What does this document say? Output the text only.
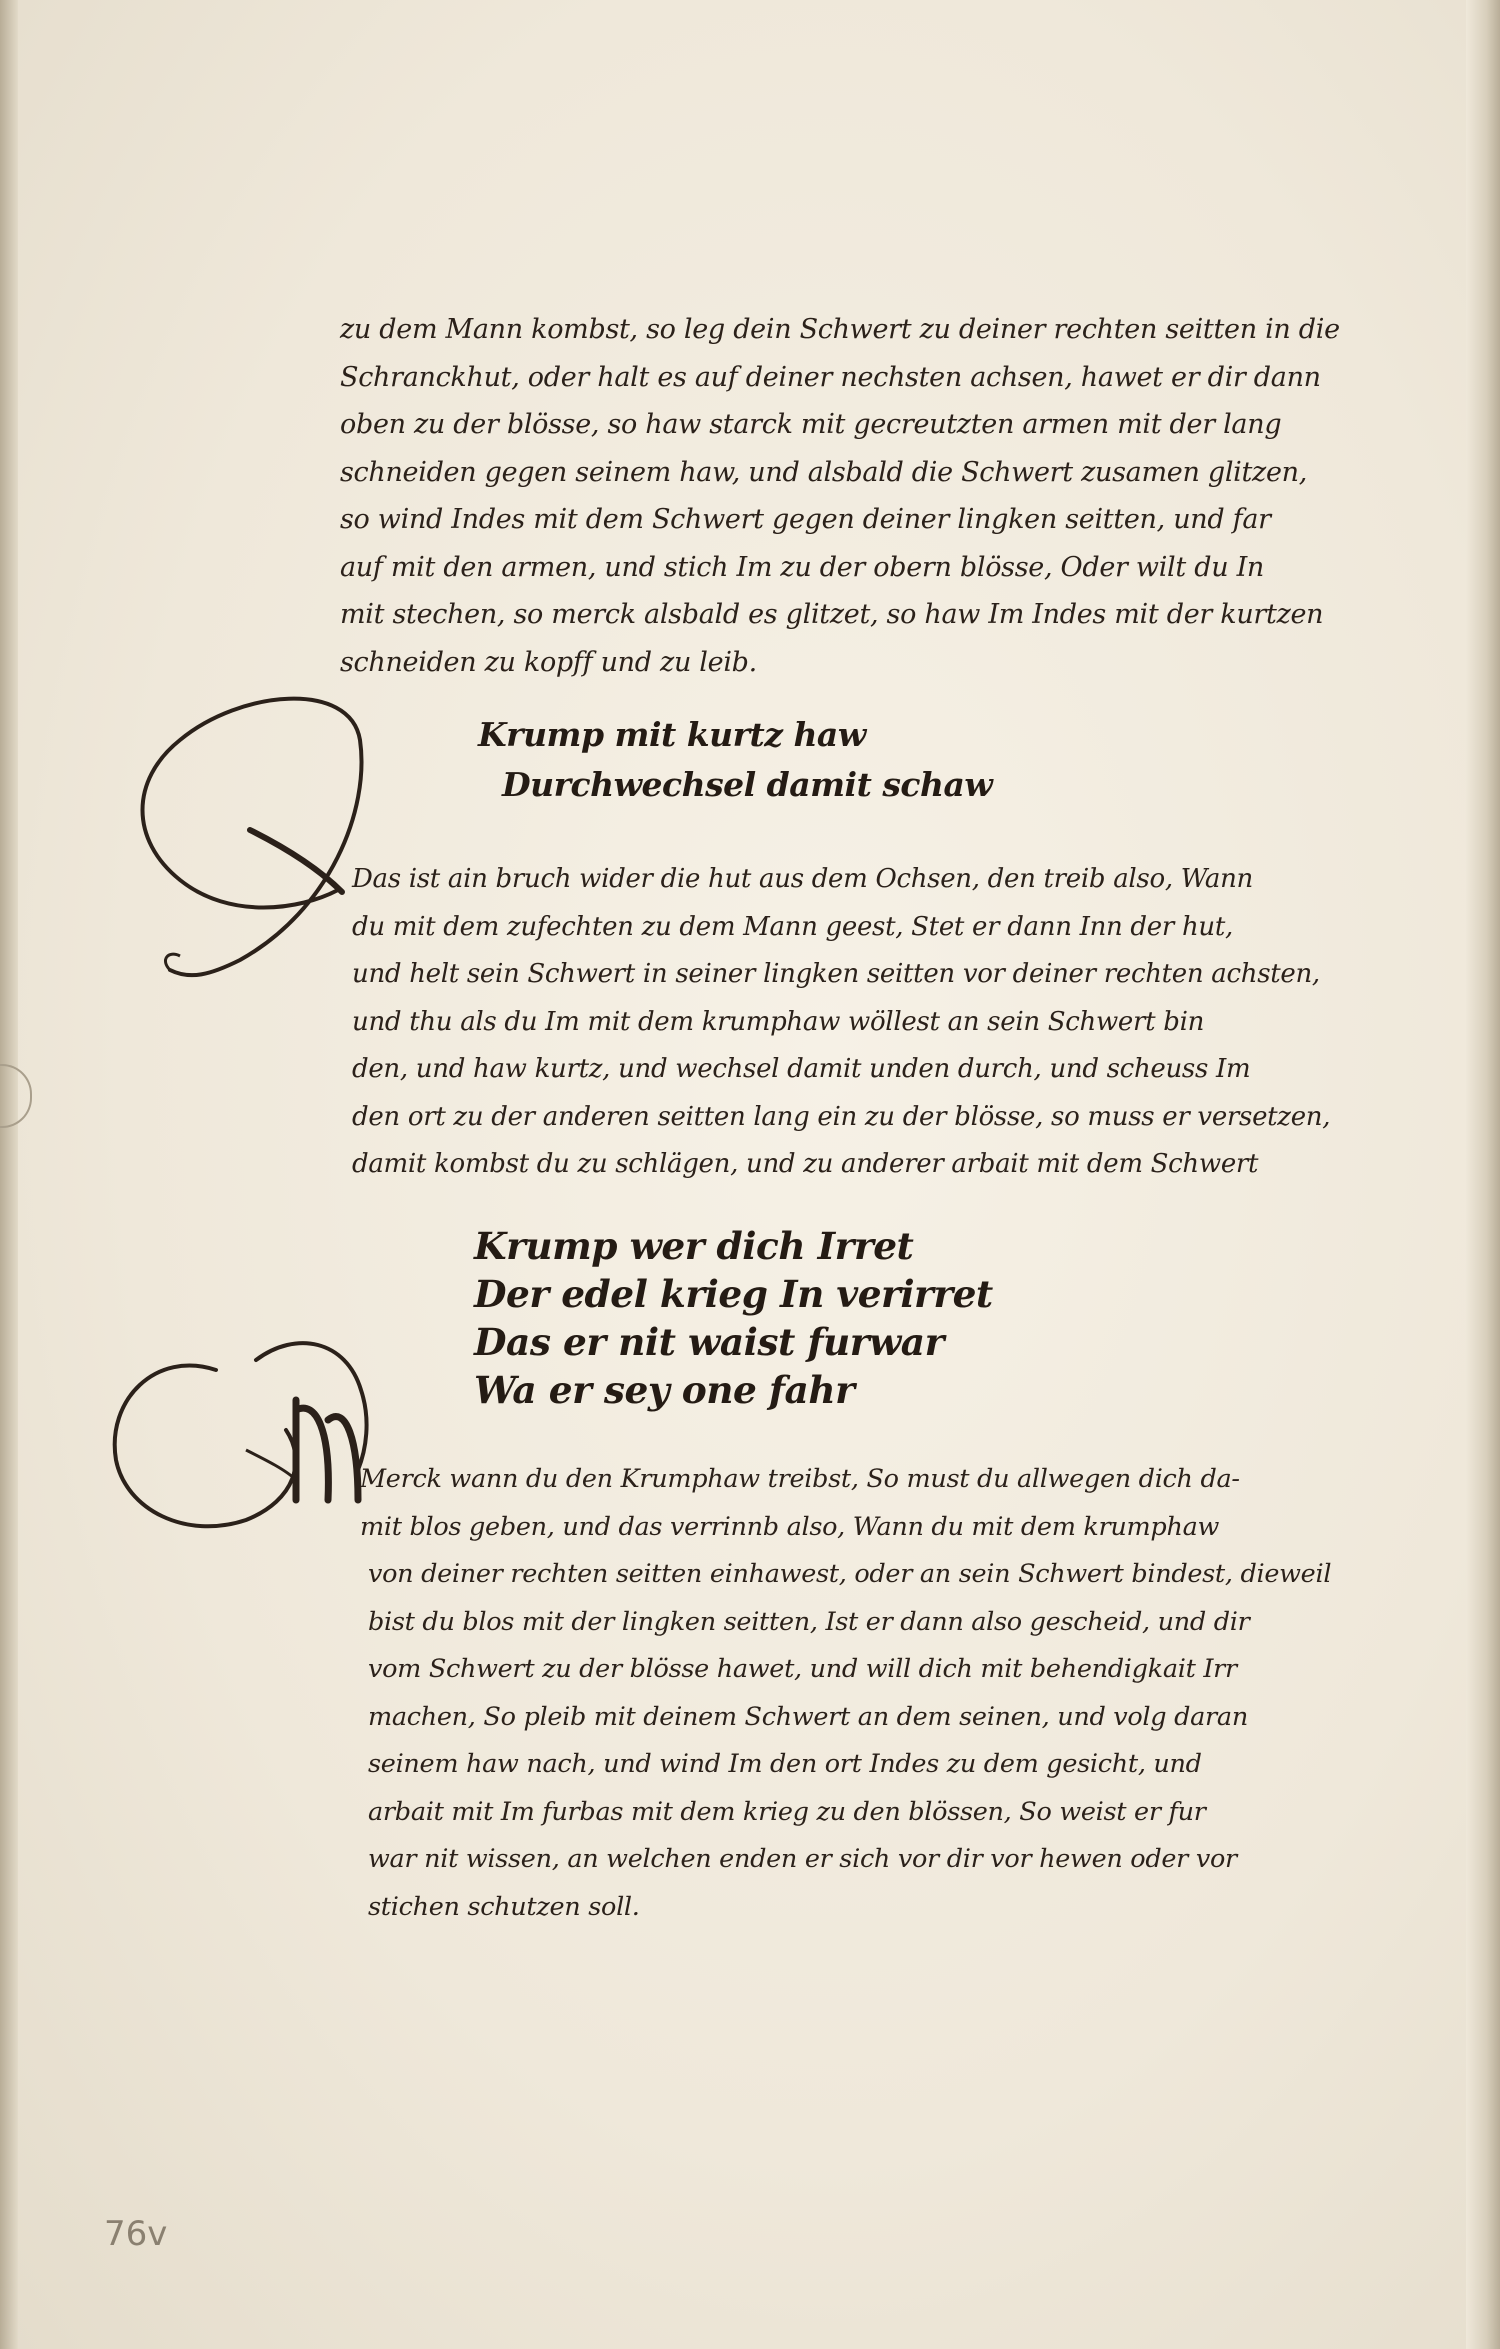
zu dem Mann kombst, so leg dein Schwert zu deiner rechten seitten in die
Schranckhut, oder halt es auf deiner nechsten achsen, hawet er dir dann
oben zu der blösse, so haw starck mit gecreutzten armen mit der lang
schneiden gegen seinem haw, und alsbald die Schwert zusamen glitzen,
so wind Indes mit dem Schwert gegen deiner lingken seitten, und far
auf mit den armen, und stich Im zu der obern blösse, Oder wilt du In
mit stechen, so merck alsbald es glitzet, so haw Im Indes mit der kurtzen
schneiden zu kopff und zu leib.
Krump mit kurtz haw
Durchwechsel damit schaw
Das ist ain bruch wider die hut aus dem Ochsen, den treib also, Wann
du mit dem zufechten zu dem Mann geest, Stet er dann Inn der hut,
und helt sein Schwert in seiner lingken seitten vor deiner rechten achsten,
und thu als du Im mit dem krumphaw wöllest an sein Schwert bin
den, und haw kurtz, und wechsel damit unden durch, und scheuss Im
den ort zu der anderen seitten lang ein zu der blösse, so muss er versetzen,
damit kombst du zu schlägen, und zu anderer arbait mit dem Schwert
Krump wer dich Irret
Der edel krieg In verirret
Das er nit waist furwar
Wa er sey one fahr
Merck wann du den Krumphaw treibst, So must du allwegen dich da-
mit blos geben, und das verrinnb also, Wann du mit dem krumphaw
von deiner rechten seitten einhawest, oder an sein Schwert bindest, dieweil
bist du blos mit der lingken seitten, Ist er dann also gescheid, und dir
vom Schwert zu der blösse hawet, und will dich mit behendigkait Irr
machen, So pleib mit deinem Schwert an dem seinen, und volg daran
seinem haw nach, und wind Im den ort Indes zu dem gesicht, und
arbait mit Im furbas mit dem krieg zu den blössen, So weist er fur
war nit wissen, an welchen enden er sich vor dir vor hewen oder vor
stichen schutzen soll.
76v
